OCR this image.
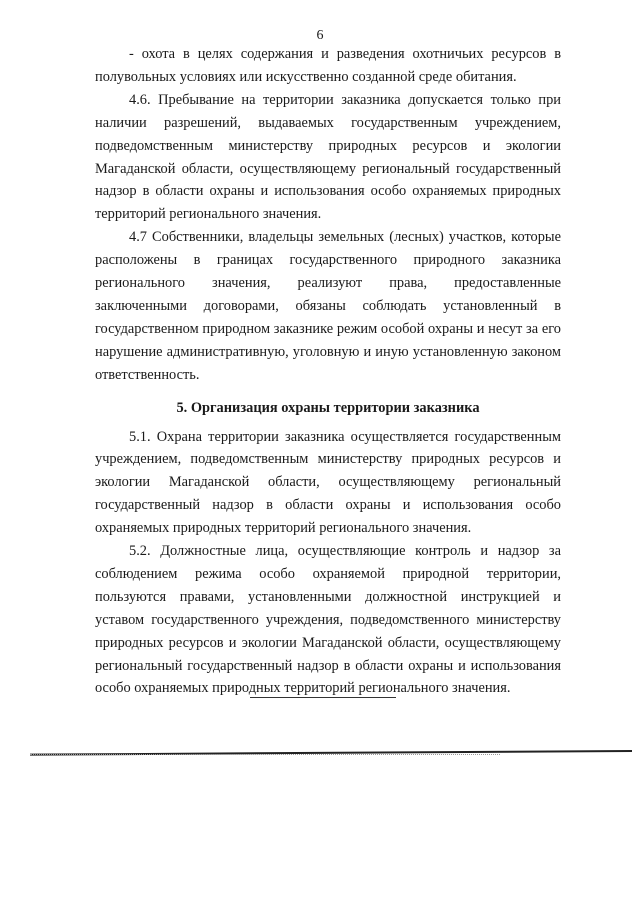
6

- охота в целях содержания и разведения охотничьих ресурсов в полувольных условиях или искусственно созданной среде обитания.

4.6. Пребывание на территории заказника допускается только при наличии разрешений, выдаваемых государственным учреждением, подведомственным министерству природных ресурсов и экологии Магаданской области, осуществляющему региональный государственный надзор в области охраны и использования особо охраняемых природных территорий регионального значения.

4.7 Собственники, владельцы земельных (лесных) участков, которые расположены в границах государственного природного заказника регионального значения, реализуют права, предоставленные заключенными договорами, обязаны соблюдать установленный в государственном природном заказнике режим особой охраны и несут за его нарушение административную, уголовную и иную установленную законом ответственность.

5. Организация охраны территории заказника

5.1. Охрана территории заказника осуществляется государственным учреждением, подведомственным министерству природных ресурсов и экологии Магаданской области, осуществляющему региональный государственный надзор в области охраны и использования особо охраняемых природных территорий регионального значения.

5.2. Должностные лица, осуществляющие контроль и надзор за соблюдением режима особо охраняемой природной территории, пользуются правами, установленными должностной инструкцией и уставом государственного учреждения, подведомственного министерству природных ресурсов и экологии Магаданской области, осуществляющему региональный государственный надзор в области охраны и использования особо охраняемых природных территорий регионального значения.
